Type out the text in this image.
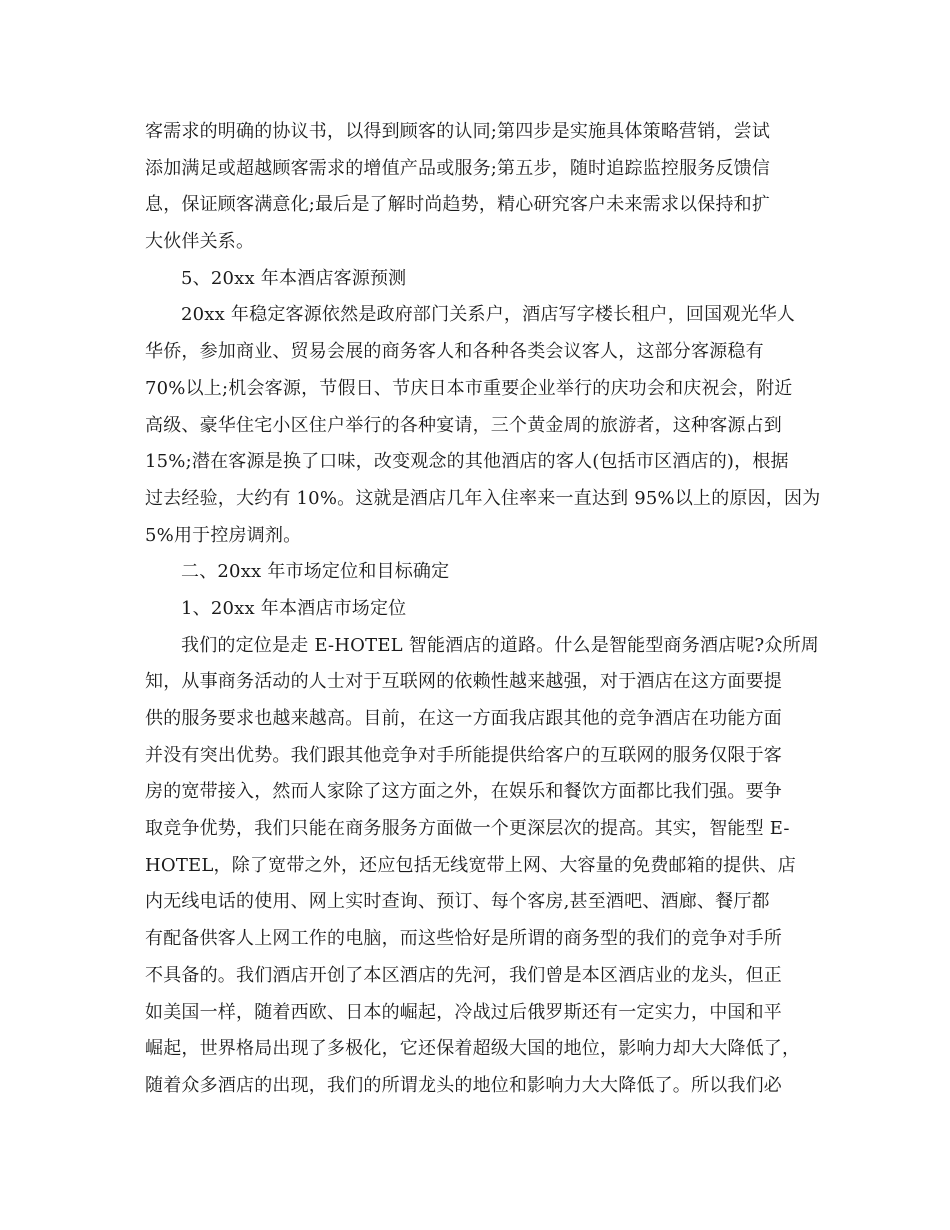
客需求的明确的协议书，以得到顾客的认同;第四步是实施具体策略营销，尝试
添加满足或超越顾客需求的增值产品或服务;第五步，随时追踪监控服务反馈信
息，保证顾客满意化;最后是了解时尚趋势，精心研究客户未来需求以保持和扩
大伙伴关系。
5、20xx 年本酒店客源预测
20xx 年稳定客源依然是政府部门关系户，酒店写字楼长租户，回国观光华人
华侨，参加商业、贸易会展的商务客人和各种各类会议客人，这部分客源稳有
70%以上;机会客源，节假日、节庆日本市重要企业举行的庆功会和庆祝会，附近
高级、豪华住宅小区住户举行的各种宴请，三个黄金周的旅游者，这种客源占到
15%;潜在客源是换了口味，改变观念的其他酒店的客人(包括市区酒店的)，根据
过去经验，大约有 10%。这就是酒店几年入住率来一直达到 95%以上的原因，因为
5%用于控房调剂。
二、20xx 年市场定位和目标确定
1、20xx 年本酒店市场定位
我们的定位是走 E-HOTEL 智能酒店的道路。什么是智能型商务酒店呢?众所周
知，从事商务活动的人士对于互联网的依赖性越来越强，对于酒店在这方面要提
供的服务要求也越来越高。目前，在这一方面我店跟其他的竞争酒店在功能方面
并没有突出优势。我们跟其他竞争对手所能提供给客户的互联网的服务仅限于客
房的宽带接入，然而人家除了这方面之外，在娱乐和餐饮方面都比我们强。要争
取竞争优势，我们只能在商务服务方面做一个更深层次的提高。其实，智能型 E-
HOTEL，除了宽带之外，还应包括无线宽带上网、大容量的免费邮箱的提供、店
内无线电话的使用、网上实时查询、预订、每个客房,甚至酒吧、酒廊、餐厅都
有配备供客人上网工作的电脑，而这些恰好是所谓的商务型的我们的竞争对手所
不具备的。我们酒店开创了本区酒店的先河，我们曾是本区酒店业的龙头，但正
如美国一样，随着西欧、日本的崛起，冷战过后俄罗斯还有一定实力，中国和平
崛起，世界格局出现了多极化，它还保着超级大国的地位，影响力却大大降低了，
随着众多酒店的出现，我们的所谓龙头的地位和影响力大大降低了。所以我们必
